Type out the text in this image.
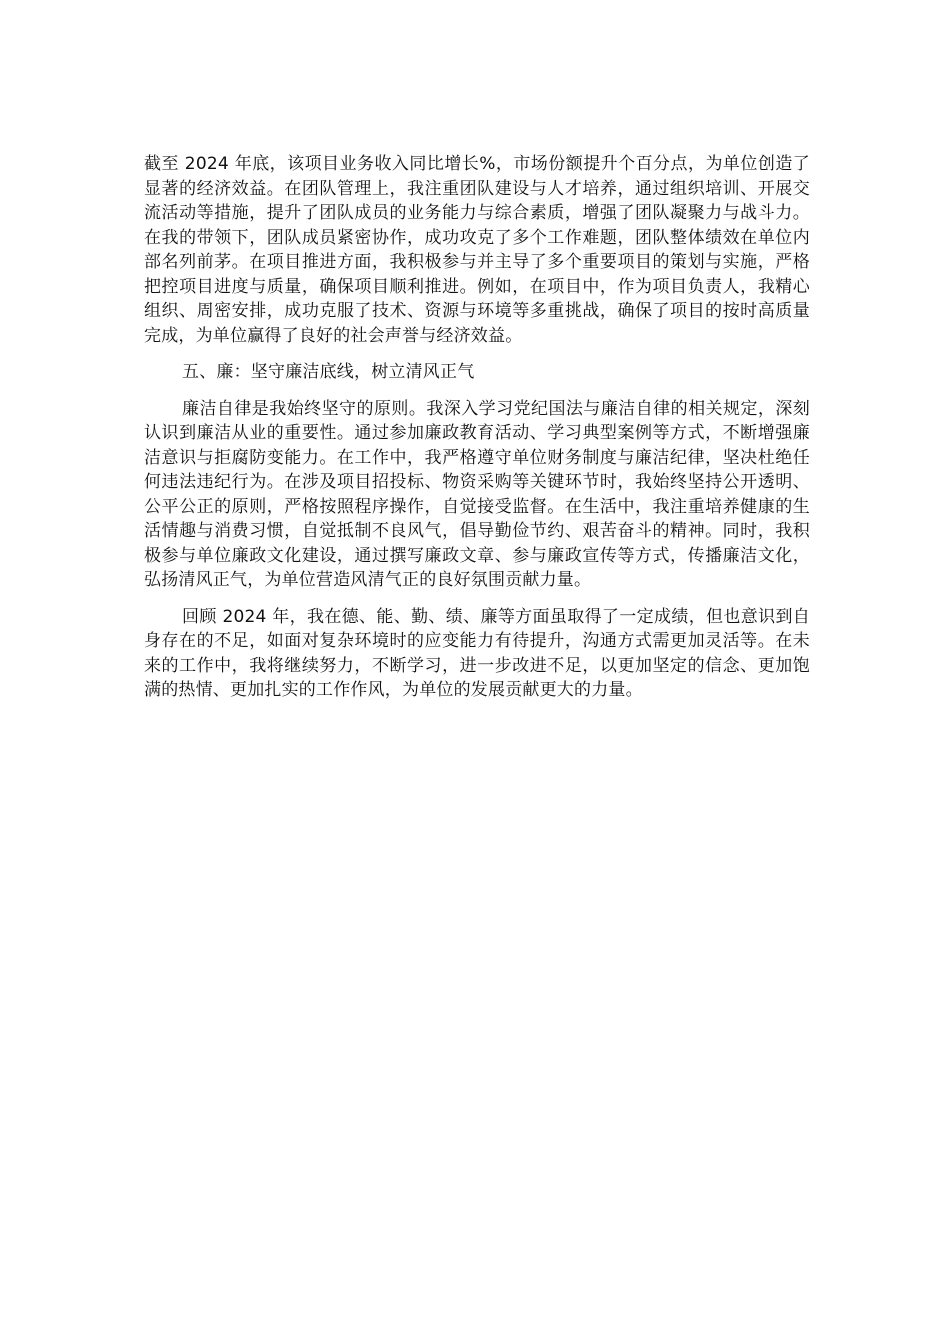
截至 2024 年底，该项目业务收入同比增长%，市场份额提升个百分点，为单位创造了显著的经济效益。在团队管理上，我注重团队建设与人才培养，通过组织培训、开展交流活动等措施，提升了团队成员的业务能力与综合素质，增强了团队凝聚力与战斗力。在我的带领下，团队成员紧密协作，成功攻克了多个工作难题，团队整体绩效在单位内部名列前茅。在项目推进方面，我积极参与并主导了多个重要项目的策划与实施，严格把控项目进度与质量，确保项目顺利推进。例如，在项目中，作为项目负责人，我精心组织、周密安排，成功克服了技术、资源与环境等多重挑战，确保了项目的按时高质量完成，为单位赢得了良好的社会声誉与经济效益。

五、廉：坚守廉洁底线，树立清风正气

廉洁自律是我始终坚守的原则。我深入学习党纪国法与廉洁自律的相关规定，深刻认识到廉洁从业的重要性。通过参加廉政教育活动、学习典型案例等方式，不断增强廉洁意识与拒腐防变能力。在工作中，我严格遵守单位财务制度与廉洁纪律，坚决杜绝任何违法违纪行为。在涉及项目招投标、物资采购等关键环节时，我始终坚持公开透明、公平公正的原则，严格按照程序操作，自觉接受监督。在生活中，我注重培养健康的生活情趣与消费习惯，自觉抵制不良风气，倡导勤俭节约、艰苦奋斗的精神。同时，我积极参与单位廉政文化建设，通过撰写廉政文章、参与廉政宣传等方式，传播廉洁文化，弘扬清风正气，为单位营造风清气正的良好氛围贡献力量。

回顾 2024 年，我在德、能、勤、绩、廉等方面虽取得了一定成绩，但也意识到自身存在的不足，如面对复杂环境时的应变能力有待提升，沟通方式需更加灵活等。在未来的工作中，我将继续努力，不断学习，进一步改进不足，以更加坚定的信念、更加饱满的热情、更加扎实的工作作风，为单位的发展贡献更大的力量。
